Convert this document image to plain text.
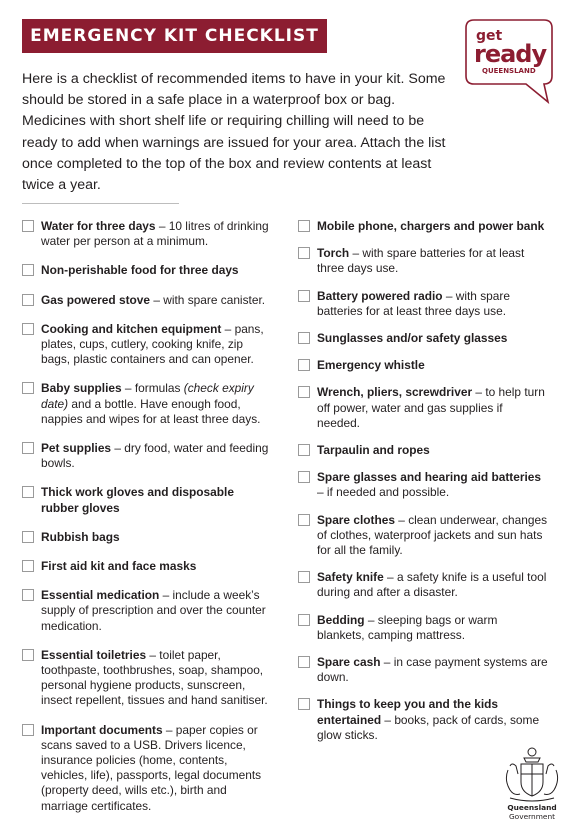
EMERGENCY KIT CHECKLIST	get
ready
QUEENSLAND

Here is a checklist of recommended items to have in your kit. Some should be stored in a safe place in a waterproof box or bag. Medicines with short shelf life or requiring chilling will need to be ready to add when warnings are issued for your area. Attach the list once completed to the top of the box and review contents at least twice a year.

Water for three days – 10 litres of drinking water per person at a minimum.
Non-perishable food for three days
Gas powered stove – with spare canister.
Cooking and kitchen equipment – pans, plates, cups, cutlery, cooking knife, zip bags, plastic containers and can opener.
Baby supplies – formulas (check expiry date) and a bottle. Have enough food, nappies and wipes for at least three days.
Pet supplies – dry food, water and feeding bowls.
Thick work gloves and disposable rubber gloves
Rubbish bags
First aid kit and face masks
Essential medication – include a week’s supply of prescription and over the counter medication.
Essential toiletries – toilet paper, toothpaste, toothbrushes, soap, shampoo, personal hygiene products, sunscreen, insect repellent, tissues and hand sanitiser.
Important documents – paper copies or scans saved to a USB. Drivers licence, insurance policies (home, contents, vehicles, life), passports, legal documents (property deed, wills etc.), birth and marriage certificates.
Mobile phone, chargers and power bank
Torch – with spare batteries for at least three days use.
Battery powered radio – with spare batteries for at least three days use.
Sunglasses and/or safety glasses
Emergency whistle
Wrench, pliers, screwdriver – to help turn off power, water and gas supplies if needed.
Tarpaulin and ropes
Spare glasses and hearing aid batteries – if needed and possible.
Spare clothes – clean underwear, changes of clothes, waterproof jackets and sun hats for all the family.
Safety knife – a safety knife is a useful tool during and after a disaster.
Bedding – sleeping bags or warm blankets, camping mattress.
Spare cash – in case payment systems are down.
Things to keep you and the kids entertained – books, pack of cards, some glow sticks.
Queensland
Government
